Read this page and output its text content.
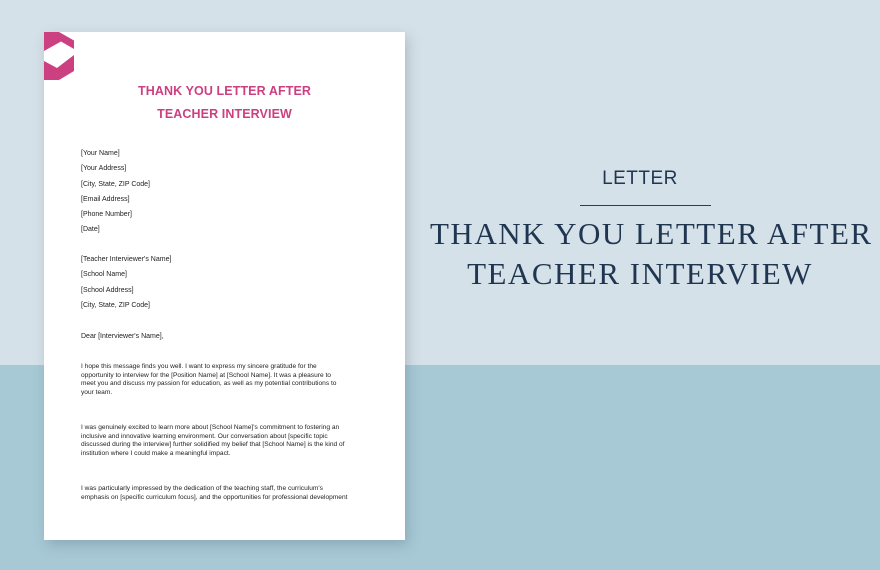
THANK YOU LETTER AFTER
TEACHER INTERVIEW
[Your Name]
[Your Address]
[City, State, ZIP Code]
[Email Address]
[Phone Number]
[Date]
[Teacher Interviewer's Name]
[School Name]
[School Address]
[City, State, ZIP Code]
Dear [Interviewer's Name],
I hope this message finds you well. I want to express my sincere gratitude for the
opportunity to interview for the [Position Name] at [School Name]. It was a pleasure to
meet you and discuss my passion for education, as well as my potential contributions to
your team.
I was genuinely excited to learn more about [School Name]'s commitment to fostering an
inclusive and innovative learning environment. Our conversation about [specific topic
discussed during the interview] further solidified my belief that [School Name] is the kind of
institution where I could make a meaningful impact.
I was particularly impressed by the dedication of the teaching staff, the curriculum's
emphasis on [specific curriculum focus], and the opportunities for professional development
LETTER
THANK YOU LETTER AFTER
TEACHER INTERVIEW
